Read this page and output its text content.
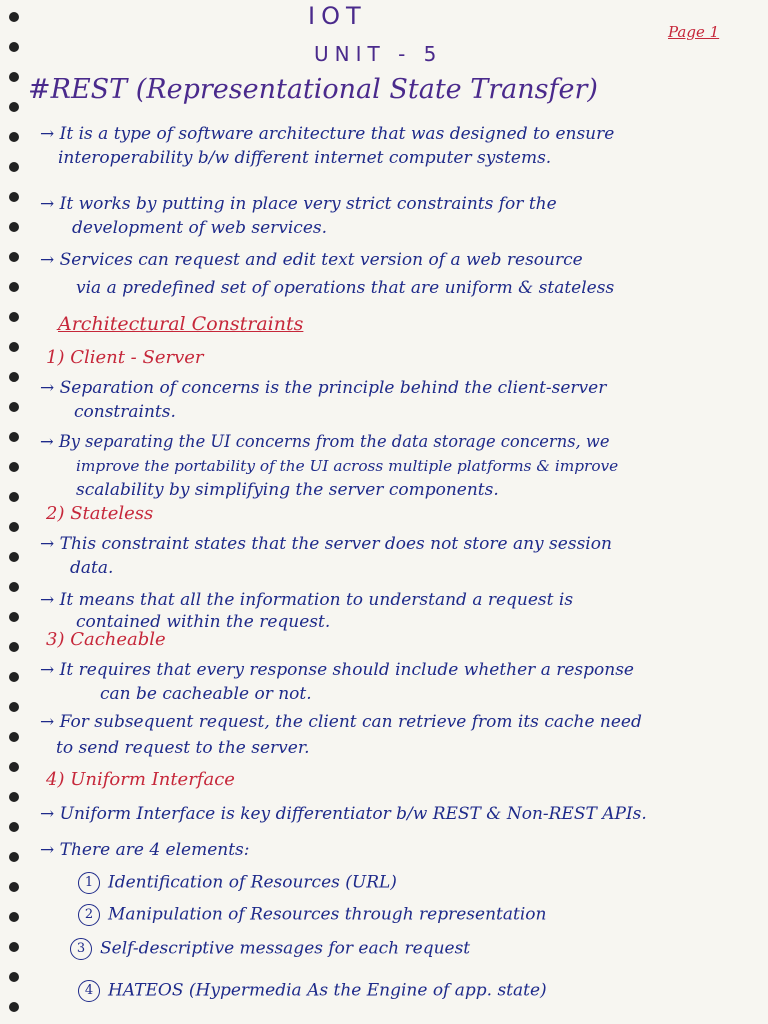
IOT
UNIT - 5
Page 1
#REST (Representational State Transfer)
→ It is a type of software architecture that was designed to ensure
interoperability b/w different internet computer systems.
→ It works by putting in place very strict constraints for the
development of web services.
→ Services can request and edit text version of a web resource
via a predefined set of operations that are uniform & stateless
Architectural Constraints
1) Client - Server
→ Separation of concerns is the principle behind the client-server
constraints.
→ By separating the UI concerns from the data storage concerns, we
improve the portability of the UI across multiple platforms & improve
scalability by simplifying the server components.
2) Stateless
→ This constraint states that the server does not store any session
data.
→ It means that all the information to understand a request is
contained within the request.
3) Cacheable
→ It requires that every response should include whether a response
can be cacheable or not.
→ For subsequent request, the client can retrieve from its cache need
to send request to the server.
4) Uniform Interface
→ Uniform Interface is key differentiator b/w REST & Non-REST APIs.
→ There are 4 elements:
1 Identification of Resources (URL)
2 Manipulation of Resources through representation
3 Self-descriptive messages for each request
4 HATEOS (Hypermedia As the Engine of app. state)
